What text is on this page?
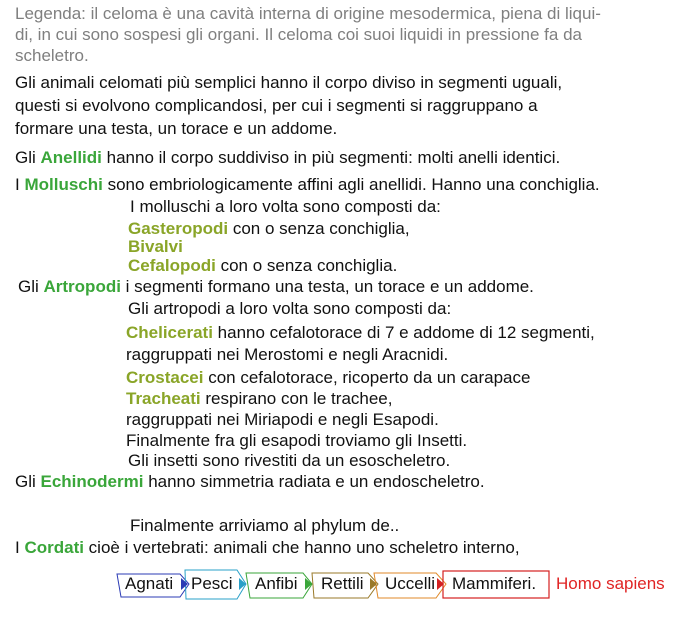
Legenda: il celoma è una cavità interna di origine mesodermica, piena di liqui-
di, in cui sono sospesi gli organi. Il celoma coi suoi liquidi in pressione fa da
scheletro.
Gli animali celomati più semplici hanno il corpo diviso in segmenti uguali,
questi si evolvono complicandosi, per cui i segmenti si raggruppano a
formare una testa, un torace e un addome.
Gli Anellidi hanno il corpo suddiviso in più segmenti: molti anelli identici.
I Molluschi sono embriologicamente affini agli anellidi. Hanno una conchiglia.
I molluschi a loro volta sono composti da:
Gasteropodi con o senza conchiglia,
Bivalvi
Cefalopodi con o senza conchiglia.
Gli Artropodi i segmenti formano una testa, un torace e un addome.
Gli artropodi a loro volta sono composti da:
Chelicerati hanno cefalotorace di 7 e addome di 12 segmenti,
raggruppati nei Merostomi e negli Aracnidi.
Crostacei con cefalotorace, ricoperto da un carapace
Tracheati respirano con le trachee,
raggruppati nei Miriapodi e negli Esapodi.
Finalmente fra gli esapodi troviamo gli Insetti.
Gli insetti sono rivestiti da un esoscheletro.
Gli Echinodermi hanno simmetria radiata e un endoscheletro.
Finalmente arriviamo al phylum de..
I Cordati cioè i vertebrati: animali che hanno uno scheletro interno,
Agnati Pesci Anfibi Rettili Uccelli Mammiferi. Homo sapiens
